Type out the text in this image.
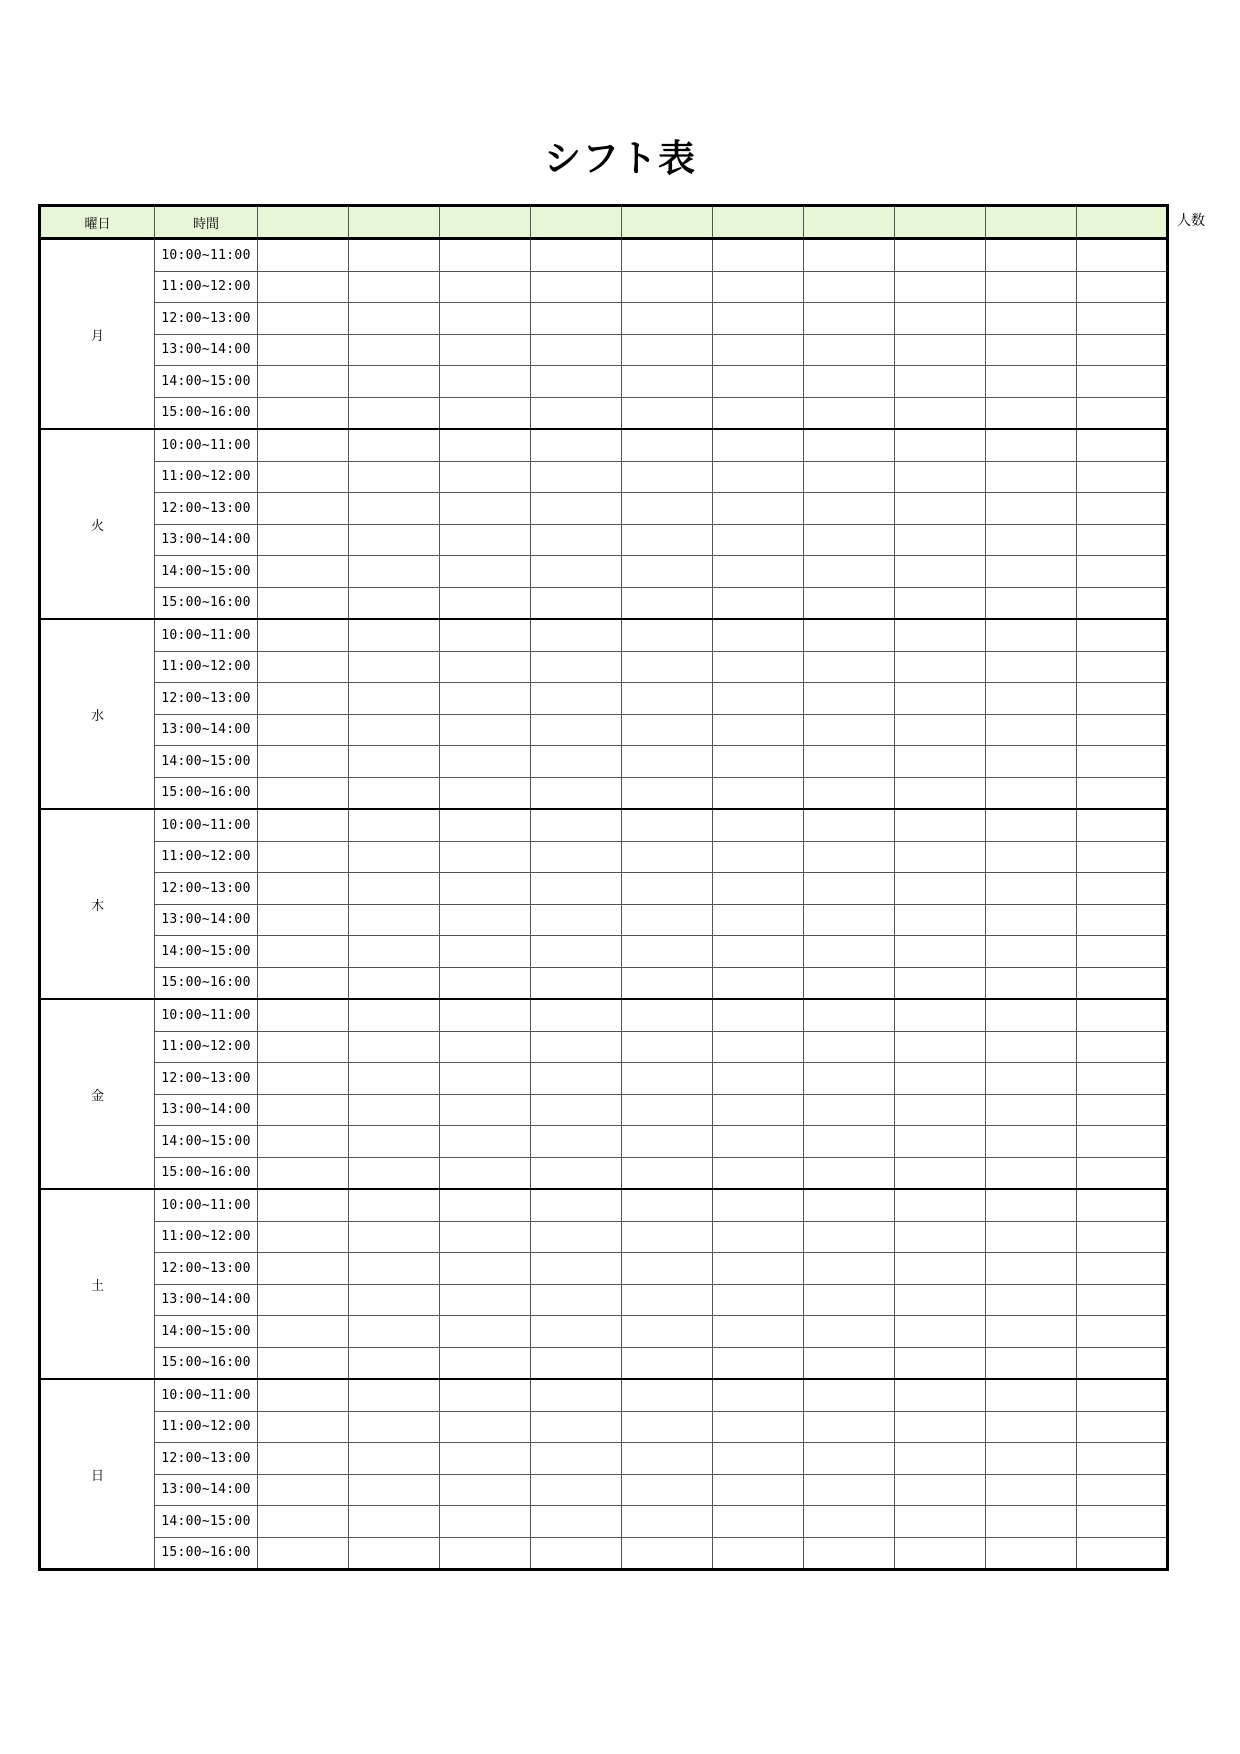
シフト表
人数
曜日	時間										
月	10:00~11:00										
	11:00~12:00										
	12:00~13:00										
	13:00~14:00										
	14:00~15:00										
	15:00~16:00										
火	10:00~11:00										
	11:00~12:00										
	12:00~13:00										
	13:00~14:00										
	14:00~15:00										
	15:00~16:00										
水	10:00~11:00										
	11:00~12:00										
	12:00~13:00										
	13:00~14:00										
	14:00~15:00										
	15:00~16:00										
木	10:00~11:00										
	11:00~12:00										
	12:00~13:00										
	13:00~14:00										
	14:00~15:00										
	15:00~16:00										
金	10:00~11:00										
	11:00~12:00										
	12:00~13:00										
	13:00~14:00										
	14:00~15:00										
	15:00~16:00										
土	10:00~11:00										
	11:00~12:00										
	12:00~13:00										
	13:00~14:00										
	14:00~15:00										
	15:00~16:00										
日	10:00~11:00										
	11:00~12:00										
	12:00~13:00										
	13:00~14:00										
	14:00~15:00										
	15:00~16:00										
